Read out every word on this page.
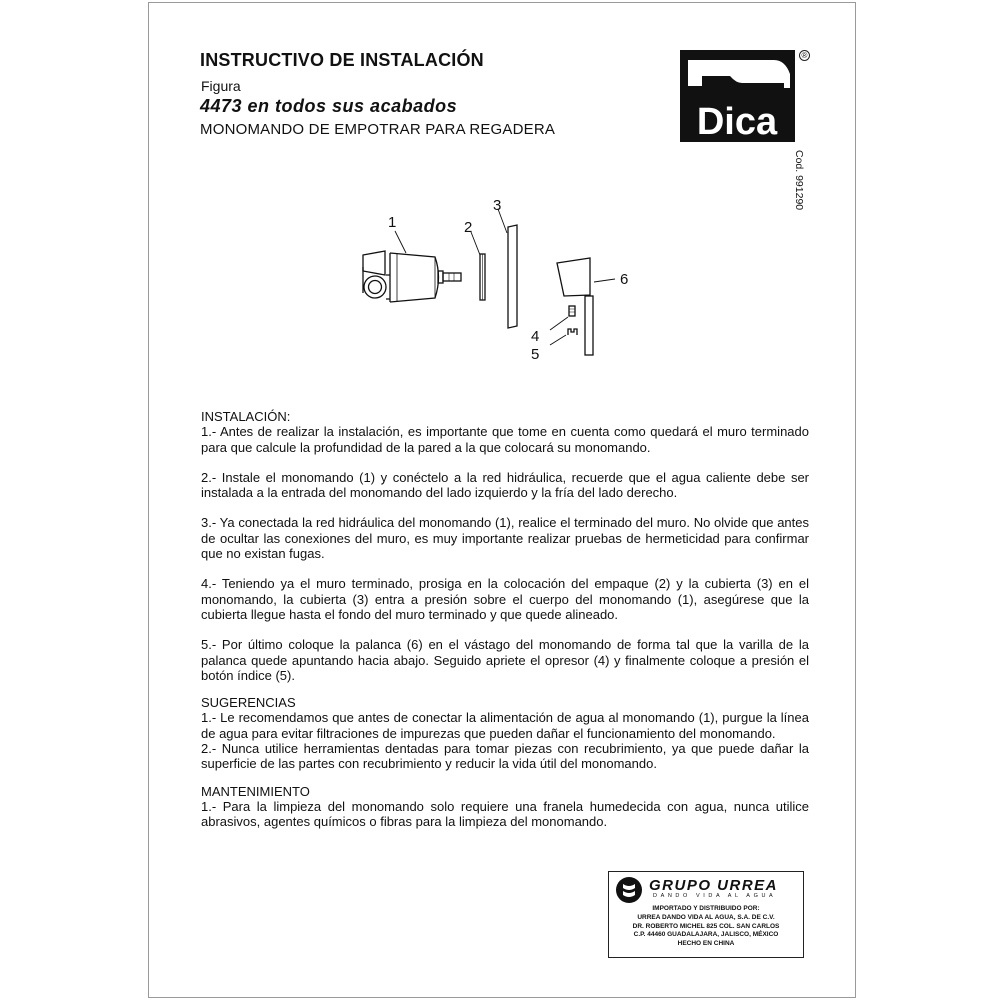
INSTRUCTIVO DE INSTALACIÓN
Figura
4473 en todos sus acabados
MONOMANDO DE EMPOTRAR PARA REGADERA	Dica
®
Cod. 991290
1	2
3
4
5
6

INSTALACIÓN:

1.- Antes de realizar la instalación, es importante que tome en cuenta como quedará el muro terminado para que calcule la profundidad de la pared a la que colocará su monomando.

2.- Instale el monomando (1) y conéctelo a la red hidráulica, recuerde que el agua caliente debe ser instalada a la entrada del monomando del lado izquierdo y la fría del lado derecho.

3.- Ya conectada la red hidráulica del monomando (1), realice el terminado del muro. No olvide que antes de ocultar las conexiones del muro, es muy importante realizar pruebas de hermeticidad para confirmar que no existan fugas.

4.- Teniendo ya el muro terminado, prosiga en la colocación del empaque (2) y la cubierta (3) en el monomando, la cubierta (3) entra a presión sobre el cuerpo del monomando (1), asegúrese que la cubierta llegue hasta el fondo del muro terminado y que quede alineado.

5.- Por último coloque la palanca (6) en el vástago del monomando de forma tal que la varilla de la palanca quede apuntando hacia abajo. Seguido apriete el opresor (4) y finalmente coloque a presión el botón índice (5).

SUGERENCIAS

1.- Le recomendamos que antes de conectar la alimentación de agua al monomando (1), purgue la línea de agua para evitar filtraciones de impurezas que pueden dañar el funcionamiento del monomando.

2.- Nunca utilice herramientas dentadas para tomar piezas con recubrimiento, ya que puede dañar la superficie de las partes con recubrimiento y reducir la vida útil del monomando.

MANTENIMIENTO

1.- Para la limpieza del monomando solo requiere una franela humedecida con agua, nunca utilice abrasivos, agentes químicos o fibras para la limpieza del monomando.

GRUPO URREA
DANDO VIDA AL AGUA
IMPORTADO Y DISTRIBUIDO POR:
URREA DANDO VIDA AL AGUA, S.A. DE C.V.
DR. ROBERTO MICHEL 825 COL. SAN CARLOS
C.P. 44460 GUADALAJARA, JALISCO, MÉXICO
HECHO EN CHINA
